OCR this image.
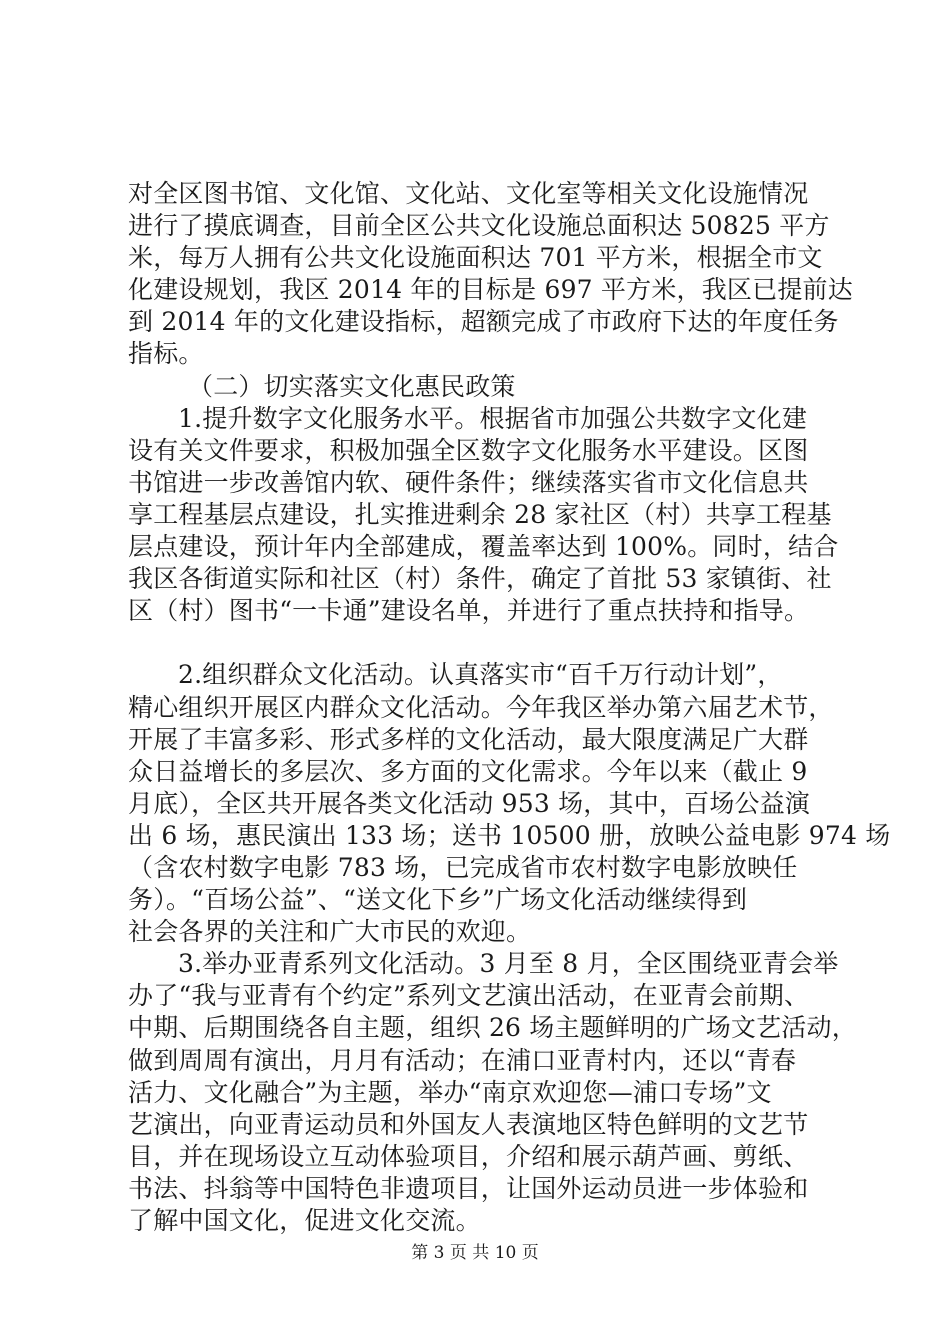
对全区图书馆、文化馆、文化站、文化室等相关文化设施情况
进行了摸底调查，目前全区公共文化设施总面积达 50825 平方
米，每万人拥有公共文化设施面积达 701 平方米，根据全市文
化建设规划，我区 2014 年的目标是 697 平方米，我区已提前达
到 2014 年的文化建设指标，超额完成了市政府下达的年度任务
指标。
（二）切实落实文化惠民政策
1.提升数字文化服务水平。根据省市加强公共数字文化建
设有关文件要求，积极加强全区数字文化服务水平建设。区图
书馆进一步改善馆内软、硬件条件；继续落实省市文化信息共
享工程基层点建设，扎实推进剩余 28 家社区（村）共享工程基
层点建设，预计年内全部建成，覆盖率达到 100%。同时，结合
我区各街道实际和社区（村）条件，确定了首批 53 家镇街、社
区（村）图书“一卡通”建设名单，并进行了重点扶持和指导。
2.组织群众文化活动。认真落实市“百千万行动计划”，
精心组织开展区内群众文化活动。今年我区举办第六届艺术节，
开展了丰富多彩、形式多样的文化活动，最大限度满足广大群
众日益增长的多层次、多方面的文化需求。今年以来（截止 9
月底），全区共开展各类文化活动 953 场，其中，百场公益演
出 6 场，惠民演出 133 场；送书 10500 册，放映公益电影 974 场
（含农村数字电影 783 场，已完成省市农村数字电影放映任
务）。“百场公益”、“送文化下乡”广场文化活动继续得到
社会各界的关注和广大市民的欢迎。
3.举办亚青系列文化活动。3 月至 8 月，全区围绕亚青会举
办了“我与亚青有个约定”系列文艺演出活动，在亚青会前期、
中期、后期围绕各自主题，组织 26 场主题鲜明的广场文艺活动，
做到周周有演出，月月有活动；在浦口亚青村内，还以“青春
活力、文化融合”为主题，举办“南京欢迎您—浦口专场”文
艺演出，向亚青运动员和外国友人表演地区特色鲜明的文艺节
目，并在现场设立互动体验项目，介绍和展示葫芦画、剪纸、
书法、抖翁等中国特色非遗项目，让国外运动员进一步体验和
了解中国文化，促进文化交流。
第 3 页 共 10 页
